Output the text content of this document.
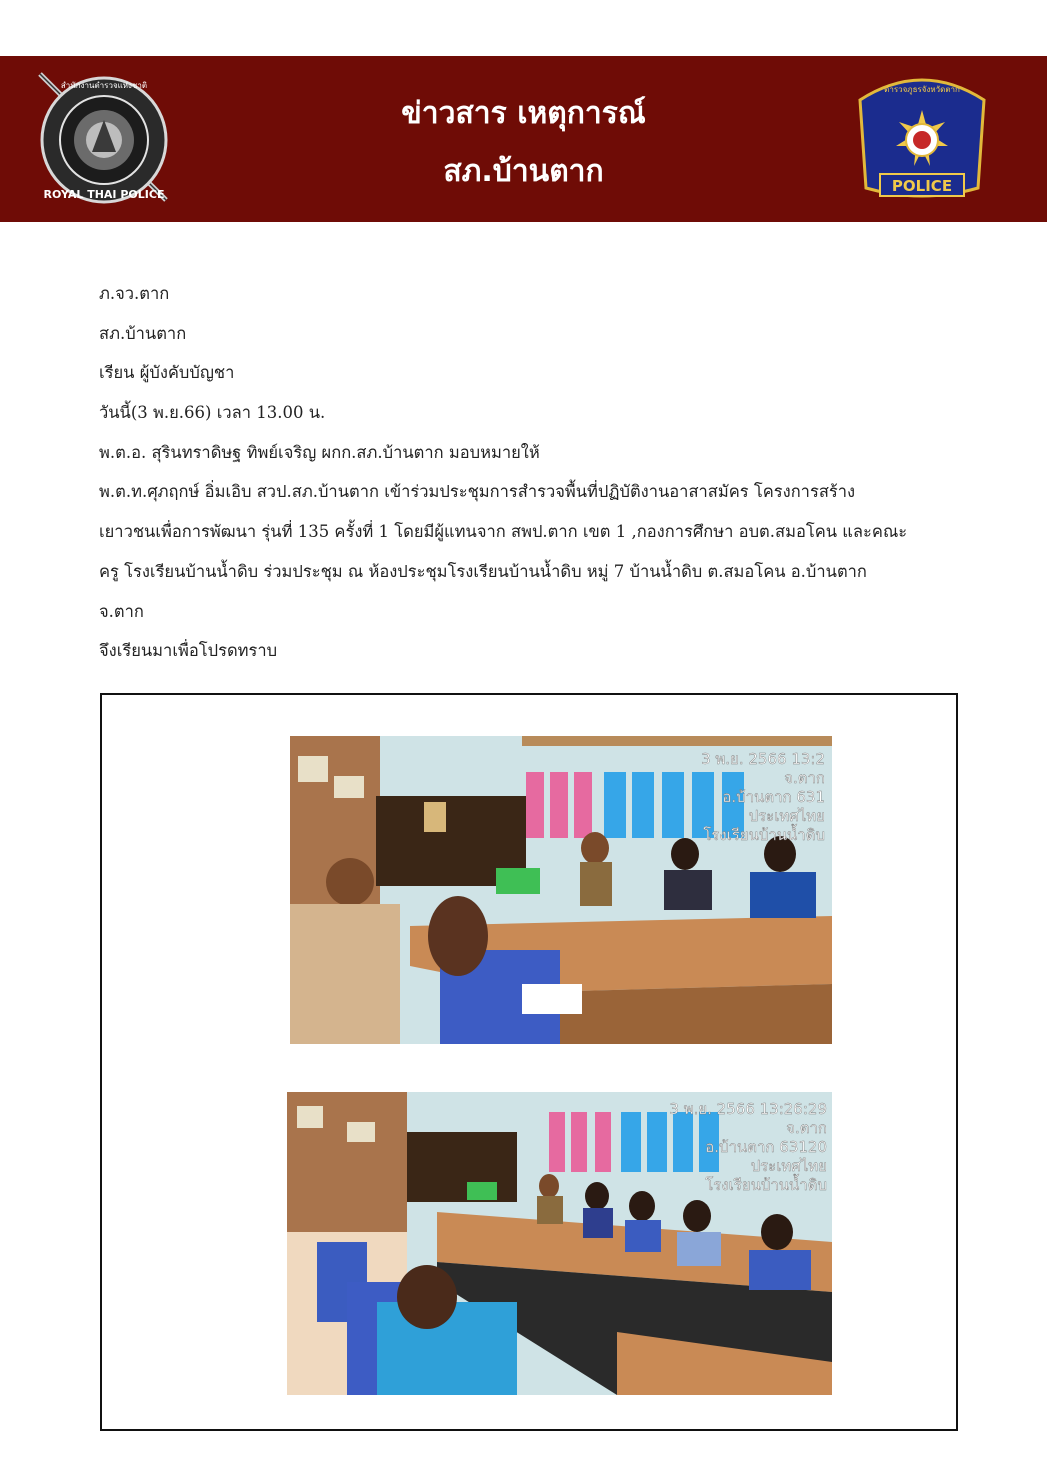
สำนักงานตำรวจแห่งชาติ
ROYAL THAI POLICE
ข่าวสาร เหตุการณ์
สภ.บ้านตาก
ตำรวจภูธรจังหวัดตาก
POLICE
ภ.จว.ตาก
สภ.บ้านตาก
เรียน ผู้บังคับบัญชา
วันนี้(3 พ.ย.66) เวลา 13.00 น.
พ.ต.อ. สุรินทราดิษฐ ทิพย์เจริญ ผกก.สภ.บ้านตาก มอบหมายให้
พ.ต.ท.ศุภฤกษ์ อิ่มเอิบ สวป.สภ.บ้านตาก เข้าร่วมประชุมการสำรวจพื้นที่ปฏิบัติงานอาสาสมัคร โครงการสร้าง
เยาวชนเพื่อการพัฒนา รุ่นที่ 135 ครั้งที่ 1 โดยมีผู้แทนจาก สพป.ตาก เขต 1 ,กองการศึกษา อบต.สมอโคน และคณะ
ครู โรงเรียนบ้านน้ำดิบ ร่วมประชุม ณ ห้องประชุมโรงเรียนบ้านน้ำดิบ หมู่ 7 บ้านน้ำดิบ ต.สมอโคน อ.บ้านตาก
จ.ตาก
จึงเรียนมาเพื่อโปรดทราบ
3 พ.ย. 2566 13:2
จ.ตาก
อ.บ้านตาก 631
ประเทศไทย
โรงเรียนบ้านน้ำดิบ
3 พ.ย. 2566 13:26:29
จ.ตาก
อ.บ้านตาก 63120
ประเทศไทย
โรงเรียนบ้านน้ำดิบ
